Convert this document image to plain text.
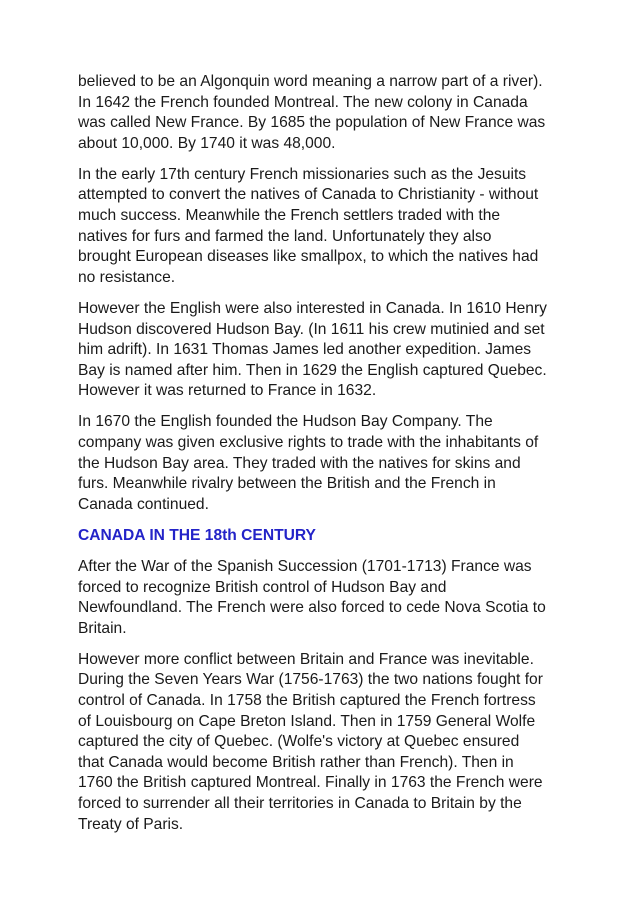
believed to be an Algonquin word meaning a narrow part of a river).
In 1642 the French founded Montreal. The new colony in Canada
was called New France. By 1685 the population of New France was
about 10,000. By 1740 it was 48,000.

In the early 17th century French missionaries such as the Jesuits
attempted to convert the natives of Canada to Christianity - without
much success. Meanwhile the French settlers traded with the
natives for furs and farmed the land. Unfortunately they also
brought European diseases like smallpox, to which the natives had
no resistance.

However the English were also interested in Canada. In 1610 Henry
Hudson discovered Hudson Bay. (In 1611 his crew mutinied and set
him adrift). In 1631 Thomas James led another expedition. James
Bay is named after him. Then in 1629 the English captured Quebec.
However it was returned to France in 1632.

In 1670 the English founded the Hudson Bay Company. The
company was given exclusive rights to trade with the inhabitants of
the Hudson Bay area. They traded with the natives for skins and
furs. Meanwhile rivalry between the British and the French in
Canada continued.

CANADA IN THE 18th CENTURY

After the War of the Spanish Succession (1701-1713) France was
forced to recognize British control of Hudson Bay and
Newfoundland. The French were also forced to cede Nova Scotia to
Britain.

However more conflict between Britain and France was inevitable.
During the Seven Years War (1756-1763) the two nations fought for
control of Canada. In 1758 the British captured the French fortress
of Louisbourg on Cape Breton Island. Then in 1759 General Wolfe
captured the city of Quebec. (Wolfe's victory at Quebec ensured
that Canada would become British rather than French). Then in
1760 the British captured Montreal. Finally in 1763 the French were
forced to surrender all their territories in Canada to Britain by the
Treaty of Paris.
